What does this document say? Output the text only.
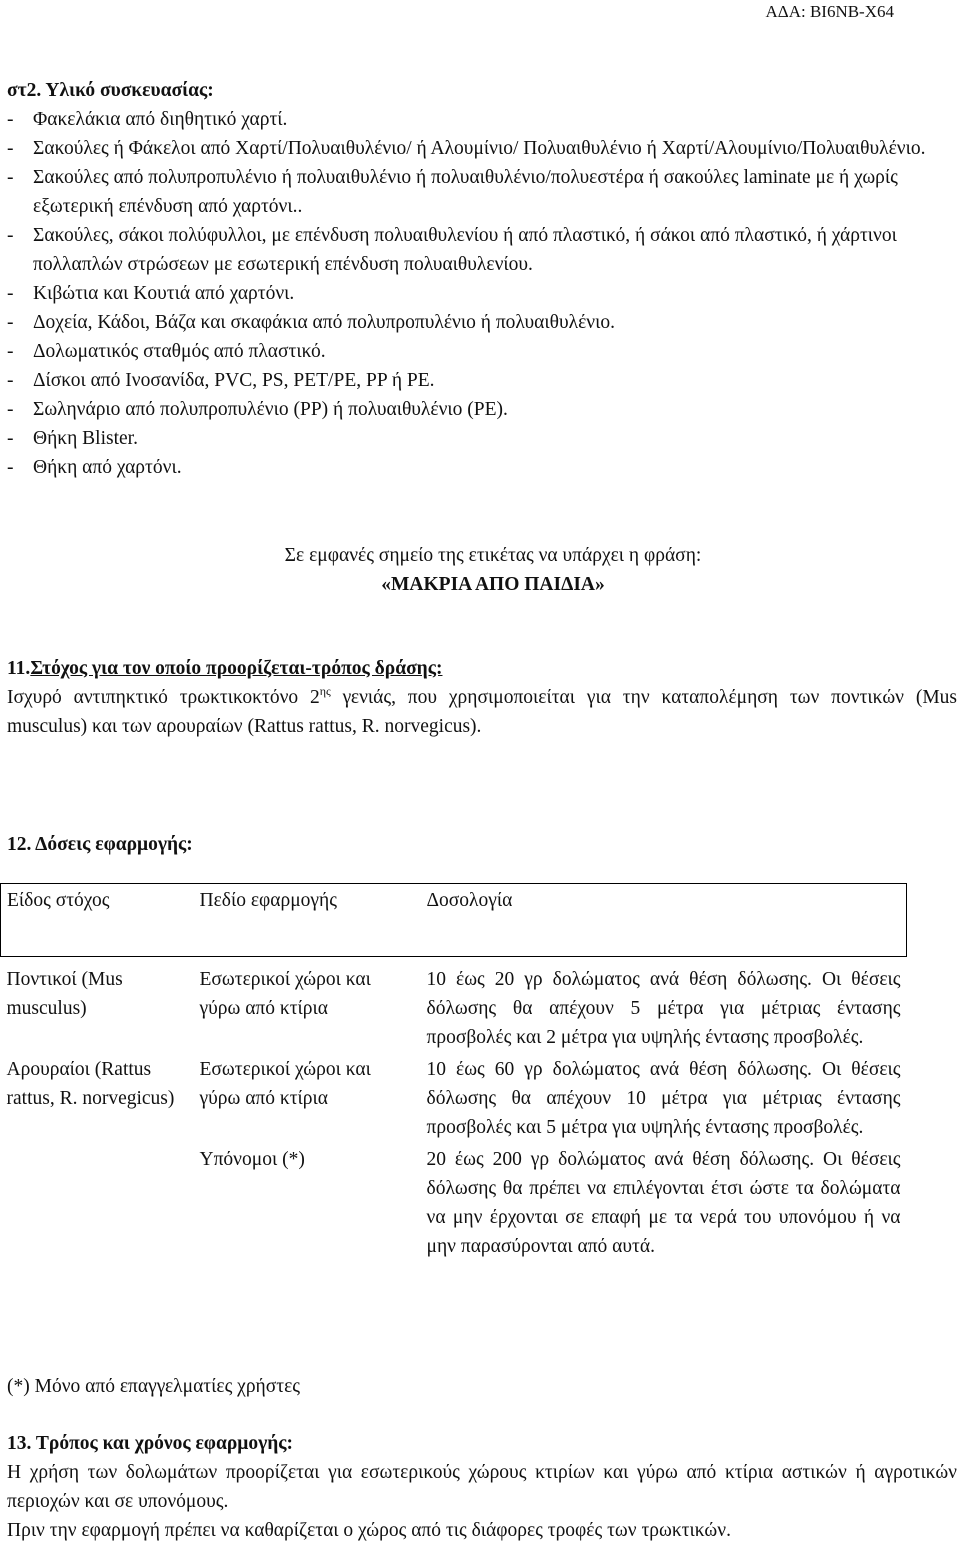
ΑΔΑ: ΒΙ6ΝΒ-Χ64
στ2. Υλικό συσκευασίας:
- Φακελάκια από διηθητικό χαρτί.
- Σακούλες ή Φάκελοι από Χαρτί/Πολυαιθυλένιο/ ή Αλουμίνιο/ Πολυαιθυλένιο ή Χαρτί/Αλουμίνιο/Πολυαιθυλένιο.
- Σακούλες από πολυπροπυλένιο ή πολυαιθυλένιο ή πολυαιθυλένιο/πολυεστέρα ή σακούλες laminate με ή χωρίς εξωτερική επένδυση από χαρτόνι..
- Σακούλες, σάκοι πολύφυλλοι, με επένδυση πολυαιθυλενίου ή από πλαστικό, ή σάκοι από πλαστικό, ή χάρτινοι πολλαπλών στρώσεων με εσωτερική επένδυση πολυαιθυλενίου.
- Κιβώτια και Κουτιά από χαρτόνι.
- Δοχεία, Κάδοι, Βάζα και σκαφάκια από πολυπροπυλένιο ή πολυαιθυλένιο.
- Δολωματικός σταθμός από πλαστικό.
- Δίσκοι από Ινοσανίδα, PVC, PS, PET/PE, PP ή PE.
- Σωληνάριο από πολυπροπυλένιο (PP) ή πολυαιθυλένιο (PE).
- Θήκη Blister.
- Θήκη από χαρτόνι.
Σε εμφανές σημείο της ετικέτας να υπάρχει η φράση:
«ΜΑΚΡΙΑ ΑΠΟ ΠΑΙΔΙΑ»
11.Στόχος για τον οποίο προορίζεται-τρόπος δράσης:
Ισχυρό αντιπηκτικό τρωκτικοκτόνο $2^{\eta\varsigma}$ γενιάς, που χρησιμοποιείται για την καταπολέμηση των ποντικών (Mus musculus) και των αρουραίων (Rattus rattus, R. norvegicus).
12. Δόσεις εφαρμογής:
Είδος στόχος	Πεδίο εφαρμογής	Δοσολογία

Ποντικοί (Mus musculus)	Εσωτερικοί χώροι και γύρω από κτίρια	10 έως 20 γρ δολώματος ανά θέση δόλωσης. Οι θέσεις δόλωσης θα απέχουν 5 μέτρα για μέτριας έντασης προσβολές και 2 μέτρα για υψηλής έντασης προσβολές.

Αρουραίοι (Rattus rattus, R. norvegicus)	Εσωτερικοί χώροι και γύρω από κτίρια	10 έως 60 γρ δολώματος ανά θέση δόλωσης. Οι θέσεις δόλωσης θα απέχουν 10 μέτρα για μέτριας έντασης προσβολές και 5 μέτρα για υψηλής έντασης προσβολές.

	Υπόνομοι (*)	20 έως 200 γρ δολώματος ανά θέση δόλωσης. Οι θέσεις δόλωσης θα πρέπει να επιλέγονται έτσι ώστε τα δολώματα να μην έρχονται σε επαφή με τα νερά του υπονόμου ή να μην παρασύρονται από αυτά.
(*) Μόνο από επαγγελματίες χρήστες
13. Τρόπος και χρόνος εφαρμογής:
Η χρήση των δολωμάτων προορίζεται για εσωτερικούς χώρους κτιρίων και γύρω από κτίρια αστικών ή αγροτικών περιοχών και σε υπονόμους.
Πριν την εφαρμογή πρέπει να καθαρίζεται ο χώρος από τις διάφορες τροφές των τρωκτικών.
